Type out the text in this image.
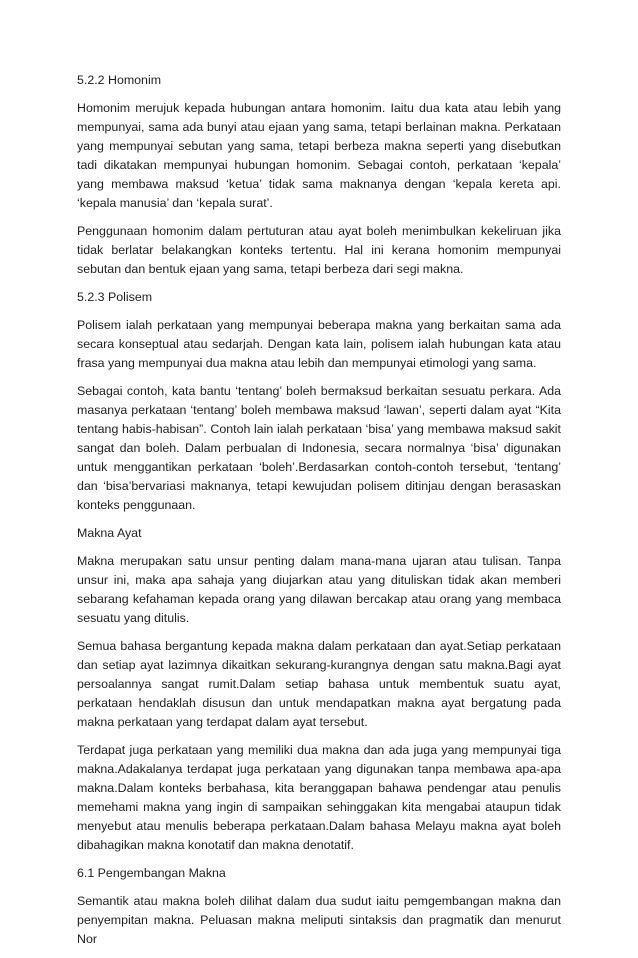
5.2.2 Homonim

Homonim merujuk kepada hubungan antara homonim. Iaitu dua kata atau lebih yang mempunyai, sama ada bunyi atau ejaan yang sama, tetapi berlainan makna. Perkataan yang mempunyai sebutan yang sama, tetapi berbeza makna seperti yang disebutkan tadi dikatakan mempunyai hubungan homonim. Sebagai contoh, perkataan ‘kepala’ yang membawa maksud ‘ketua’ tidak sama maknanya dengan ‘kepala kereta api. ‘kepala manusia’ dan ‘kepala surat’.

Penggunaan homonim dalam pertuturan atau ayat boleh menimbulkan kekeliruan jika tidak berlatar belakangkan konteks tertentu. Hal ini kerana homonim mempunyai sebutan dan bentuk ejaan yang sama, tetapi berbeza dari segi makna.

5.2.3 Polisem

Polisem ialah perkataan yang mempunyai beberapa makna yang berkaitan sama ada secara konseptual atau sedarjah. Dengan kata lain, polisem ialah hubungan kata atau frasa yang mempunyai dua makna atau lebih dan mempunyai etimologi yang sama.

Sebagai contoh, kata bantu ‘tentang’ boleh bermaksud berkaitan sesuatu perkara. Ada masanya perkataan ‘tentang’ boleh membawa maksud ‘lawan’, seperti dalam ayat “Kita tentang habis-habisan”. Contoh lain ialah perkataan ‘bisa’ yang membawa maksud sakit sangat dan boleh. Dalam perbualan di Indonesia, secara normalnya ‘bisa’ digunakan untuk menggantikan perkataan ‘boleh’.Berdasarkan contoh-contoh tersebut, ‘tentang’ dan ‘bisa’bervariasi maknanya, tetapi kewujudan polisem ditinjau dengan berasaskan konteks penggunaan.

Makna Ayat

Makna merupakan satu unsur penting dalam mana-mana ujaran atau tulisan. Tanpa unsur ini, maka apa sahaja yang diujarkan atau yang dituliskan tidak akan memberi sebarang kefahaman kepada orang yang dilawan bercakap atau orang yang membaca sesuatu yang ditulis.

Semua bahasa bergantung kepada makna dalam perkataan dan ayat.Setiap perkataan dan setiap ayat lazimnya dikaitkan sekurang-kurangnya dengan satu makna.Bagi ayat persoalannya sangat rumit.Dalam setiap bahasa untuk membentuk suatu ayat, perkataan hendaklah disusun dan untuk mendapatkan makna ayat bergatung pada makna perkataan yang terdapat dalam ayat tersebut.

Terdapat juga perkataan yang memiliki dua makna dan ada juga yang mempunyai tiga makna.Adakalanya terdapat juga perkataan yang digunakan tanpa membawa apa-apa makna.Dalam konteks berbahasa, kita beranggapan bahawa pendengar atau penulis memehami makna yang ingin di sampaikan sehinggakan kita mengabai ataupun tidak menyebut atau menulis beberapa perkataan.Dalam bahasa Melayu makna ayat boleh dibahagikan makna konotatif dan makna denotatif.

6.1 Pengembangan Makna

Semantik atau makna boleh dilihat dalam dua sudut iaitu pemgembangan makna dan penyempitan makna. Peluasan makna meliputi sintaksis dan pragmatik dan menurut Nor
